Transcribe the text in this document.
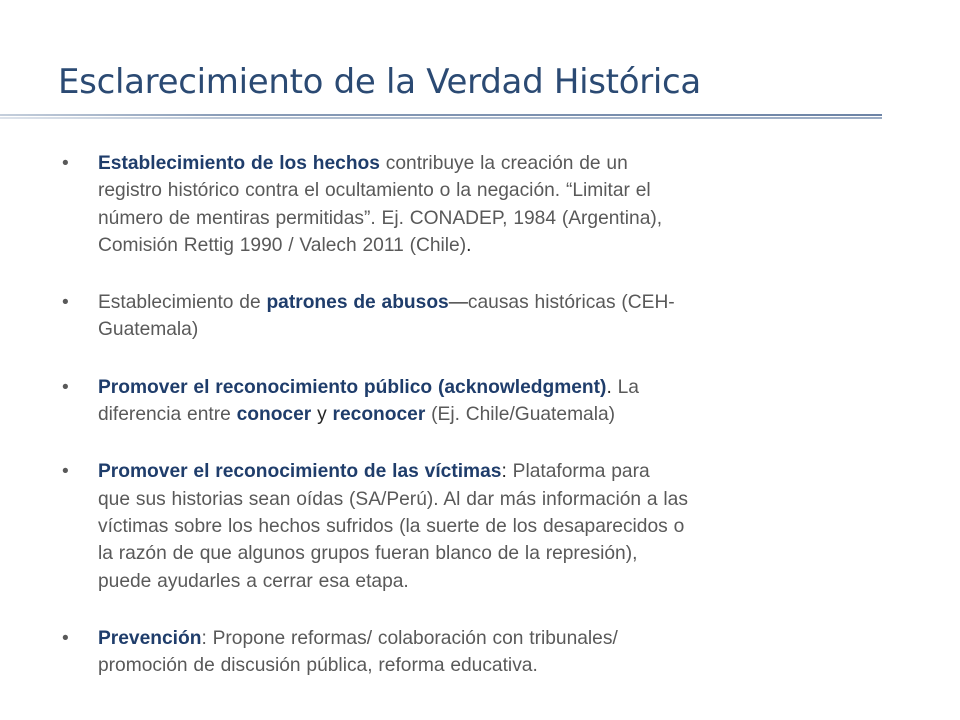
Esclarecimiento de la Verdad Histórica
• Establecimiento de los hechos contribuye la creación de un
registro histórico contra el ocultamiento o la negación. “Limitar el
número de mentiras permitidas”. Ej. CONADEP, 1984 (Argentina),
Comisión Rettig 1990 / Valech 2011 (Chile).
• Establecimiento de patrones de abusos—causas históricas (CEH-
Guatemala)
• Promover el reconocimiento público (acknowledgment). La
diferencia entre conocer y reconocer (Ej. Chile/Guatemala)
• Promover el reconocimiento de las víctimas: Plataforma para
que sus historias sean oídas (SA/Perú). Al dar más información a las
víctimas sobre los hechos sufridos (la suerte de los desaparecidos o
la razón de que algunos grupos fueran blanco de la represión),
puede ayudarles a cerrar esa etapa.
• Prevención: Propone reformas/ colaboración con tribunales/
promoción de discusión pública, reforma educativa.
